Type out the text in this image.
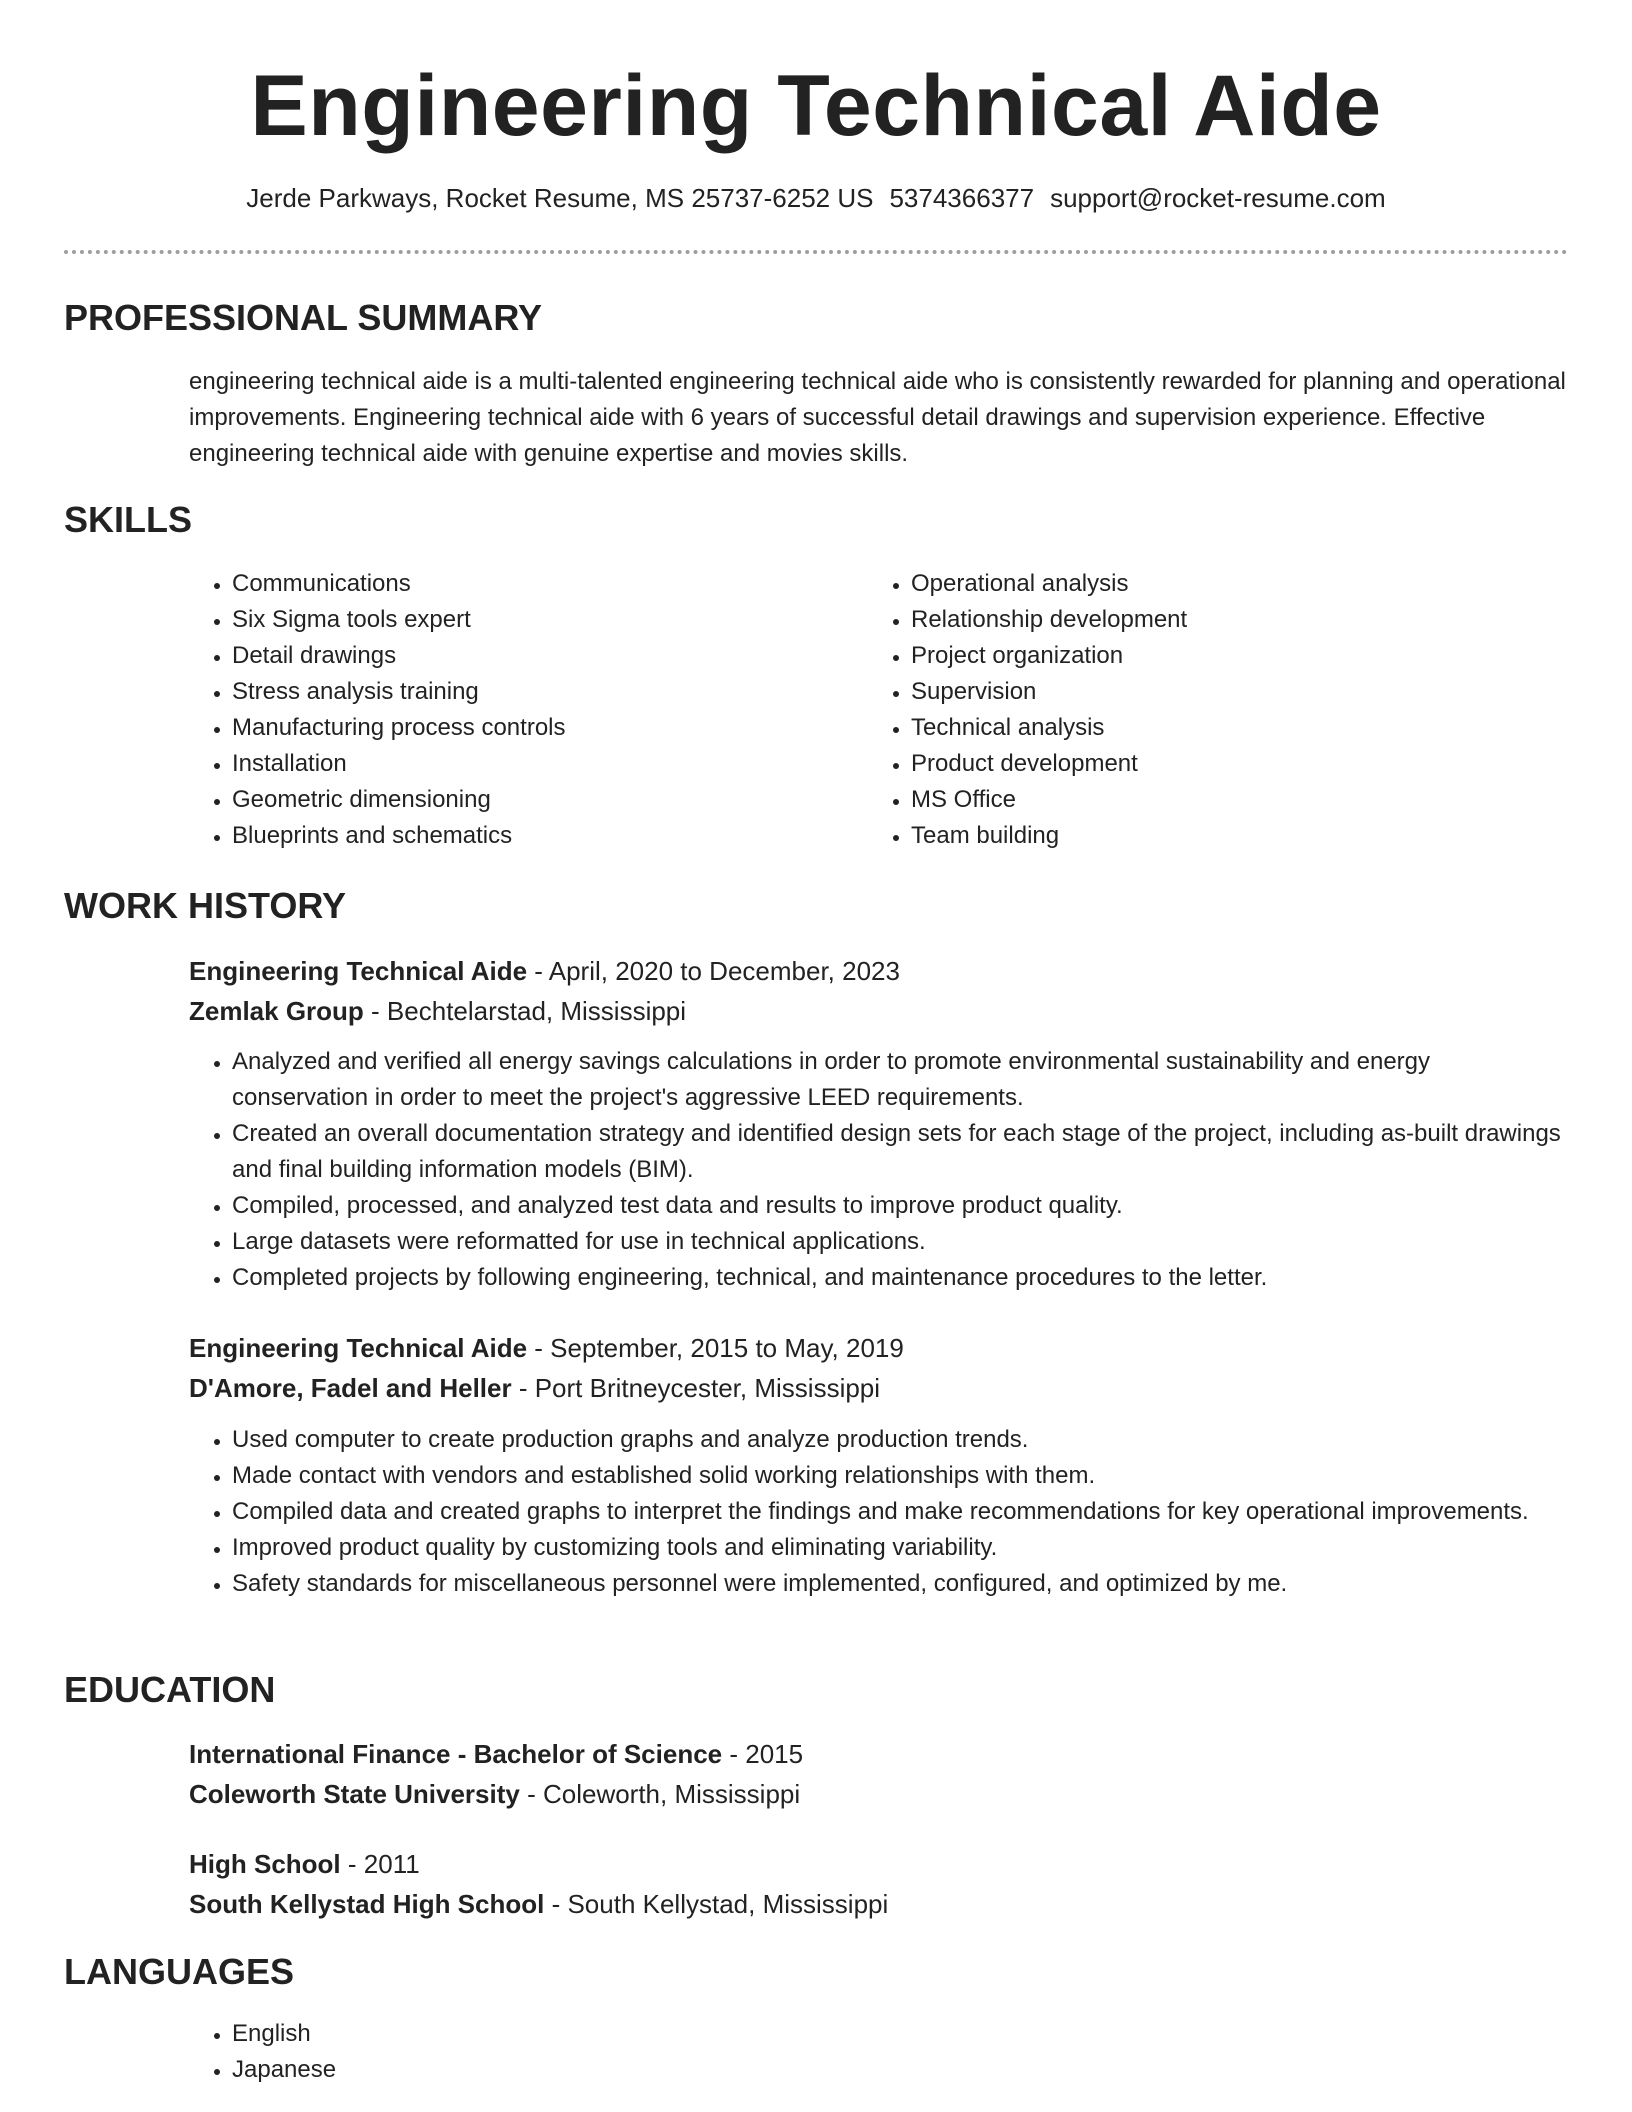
Engineering Technical Aide
Jerde Parkways, Rocket Resume, MS 25737-6252 US 5374366377 support@rocket-resume.com
PROFESSIONAL SUMMARY
engineering technical aide is a multi-talented engineering technical aide who is consistently rewarded for planning and operational improvements. Engineering technical aide with 6 years of successful detail drawings and supervision experience. Effective engineering technical aide with genuine expertise and movies skills.
SKILLS
• Communications
• Six Sigma tools expert
• Detail drawings
• Stress analysis training
• Manufacturing process controls
• Installation
• Geometric dimensioning
• Blueprints and schematics
• Operational analysis
• Relationship development
• Project organization
• Supervision
• Technical analysis
• Product development
• MS Office
• Team building
WORK HISTORY
Engineering Technical Aide - April, 2020 to December, 2023
Zemlak Group - Bechtelarstad, Mississippi
• Analyzed and verified all energy savings calculations in order to promote environmental sustainability and energy conservation in order to meet the project's aggressive LEED requirements.
• Created an overall documentation strategy and identified design sets for each stage of the project, including as-built drawings and final building information models (BIM).
• Compiled, processed, and analyzed test data and results to improve product quality.
• Large datasets were reformatted for use in technical applications.
• Completed projects by following engineering, technical, and maintenance procedures to the letter.
Engineering Technical Aide - September, 2015 to May, 2019
D'Amore, Fadel and Heller - Port Britneycester, Mississippi
• Used computer to create production graphs and analyze production trends.
• Made contact with vendors and established solid working relationships with them.
• Compiled data and created graphs to interpret the findings and make recommendations for key operational improvements.
• Improved product quality by customizing tools and eliminating variability.
• Safety standards for miscellaneous personnel were implemented, configured, and optimized by me.
EDUCATION
International Finance - Bachelor of Science - 2015
Coleworth State University - Coleworth, Mississippi
High School - 2011
South Kellystad High School - South Kellystad, Mississippi
LANGUAGES
• English
• Japanese
